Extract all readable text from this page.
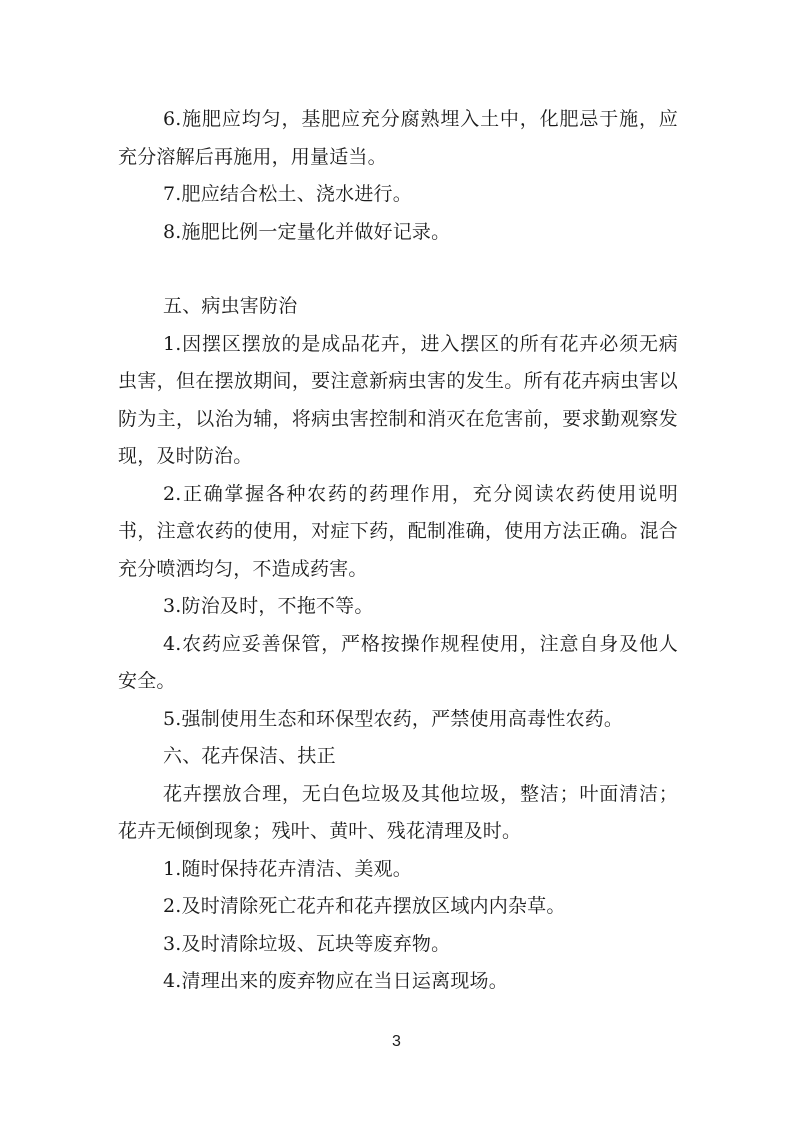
6.施肥应均匀，基肥应充分腐熟埋入土中，化肥忌于施，应充分溶解后再施用，用量适当。

7.肥应结合松土、浇水进行。

8.施肥比例一定量化并做好记录。

五、病虫害防治

1.因摆区摆放的是成品花卉，进入摆区的所有花卉必须无病虫害，但在摆放期间，要注意新病虫害的发生。所有花卉病虫害以防为主，以治为辅，将病虫害控制和消灭在危害前，要求勤观察发现，及时防治。

2.正确掌握各种农药的药理作用，充分阅读农药使用说明书，注意农药的使用，对症下药，配制准确，使用方法正确。混合充分喷洒均匀，不造成药害。

3.防治及时，不拖不等。

4.农药应妥善保管，严格按操作规程使用，注意自身及他人安全。

5.强制使用生态和环保型农药，严禁使用高毒性农药。

六、花卉保洁、扶正

花卉摆放合理，无白色垃圾及其他垃圾，整洁；叶面清洁；花卉无倾倒现象；残叶、黄叶、残花清理及时。

1.随时保持花卉清洁、美观。

2.及时清除死亡花卉和花卉摆放区域内内杂草。

3.及时清除垃圾、瓦块等废弃物。

4.清理出来的废弃物应在当日运离现场。

3
